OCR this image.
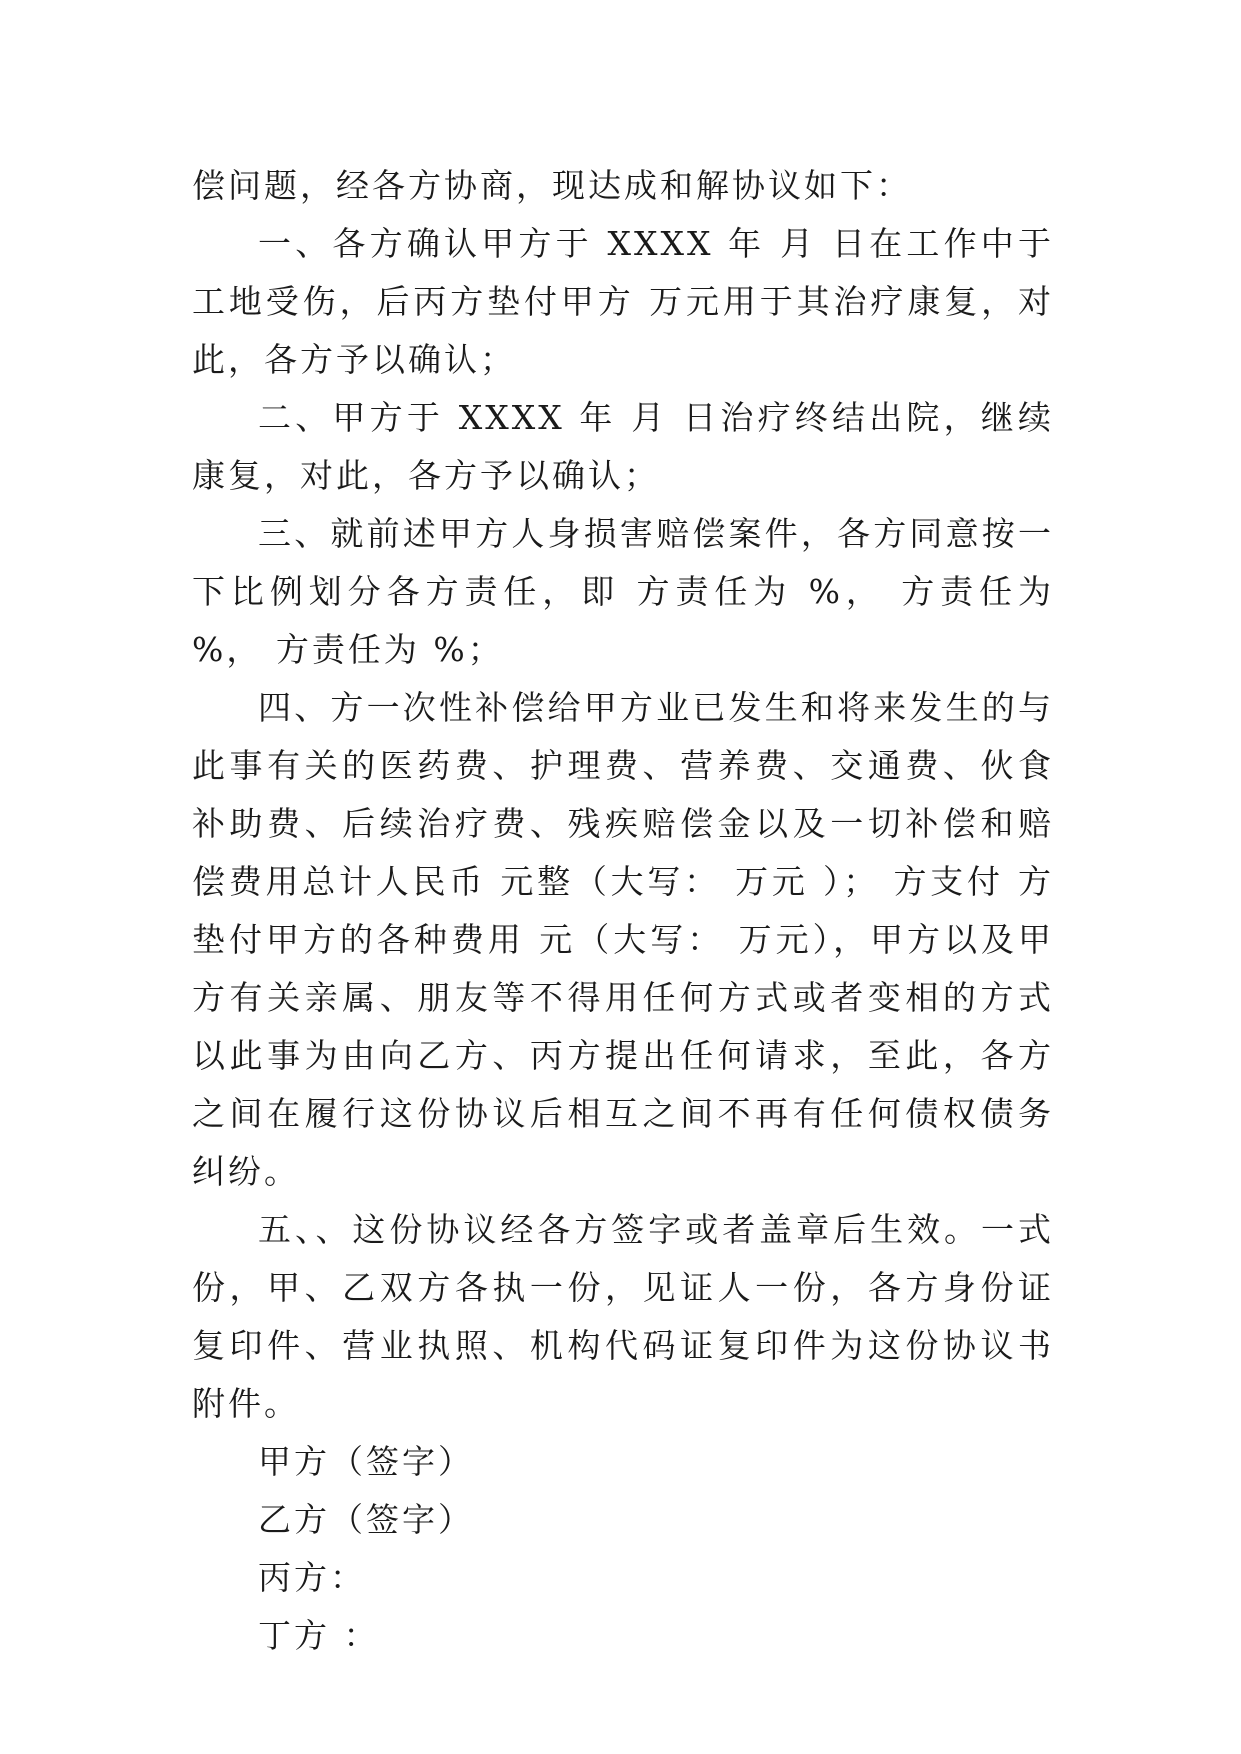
偿问题，经各方协商，现达成和解协议如下：

一、各方确认甲方于 XXXX 年 月 日在工作中于 工地受伤，后丙方垫付甲方 万元用于其治疗康复，对此，各方予以确认；

二、甲方于 XXXX 年 月 日治疗终结出院，继续康复，对此，各方予以确认；

三、就前述甲方人身损害赔偿案件，各方同意按一下比例划分各方责任，即 方责任为 %， 方责任为 %， 方责任为 %；

四、方一次性补偿给甲方业已发生和将来发生的与此事有关的医药费、护理费、营养费、交通费、伙食补助费、后续治疗费、残疾赔偿金以及一切补偿和赔偿费用总计人民币 元整（大写： 万元 ）； 方支付 方垫付甲方的各种费用 元（大写： 万元），甲方以及甲方有关亲属、朋友等不得用任何方式或者变相的方式以此事为由向乙方、丙方提出任何请求，至此，各方之间在履行这份协议后相互之间不再有任何债权债务纠纷。

五、、这份协议经各方签字或者盖章后生效。一式 份，甲、乙双方各执一份，见证人一份，各方身份证复印件、营业执照、机构代码证复印件为这份协议书附件。

甲方（签字）

乙方（签字）

丙方：

丁方 ：
